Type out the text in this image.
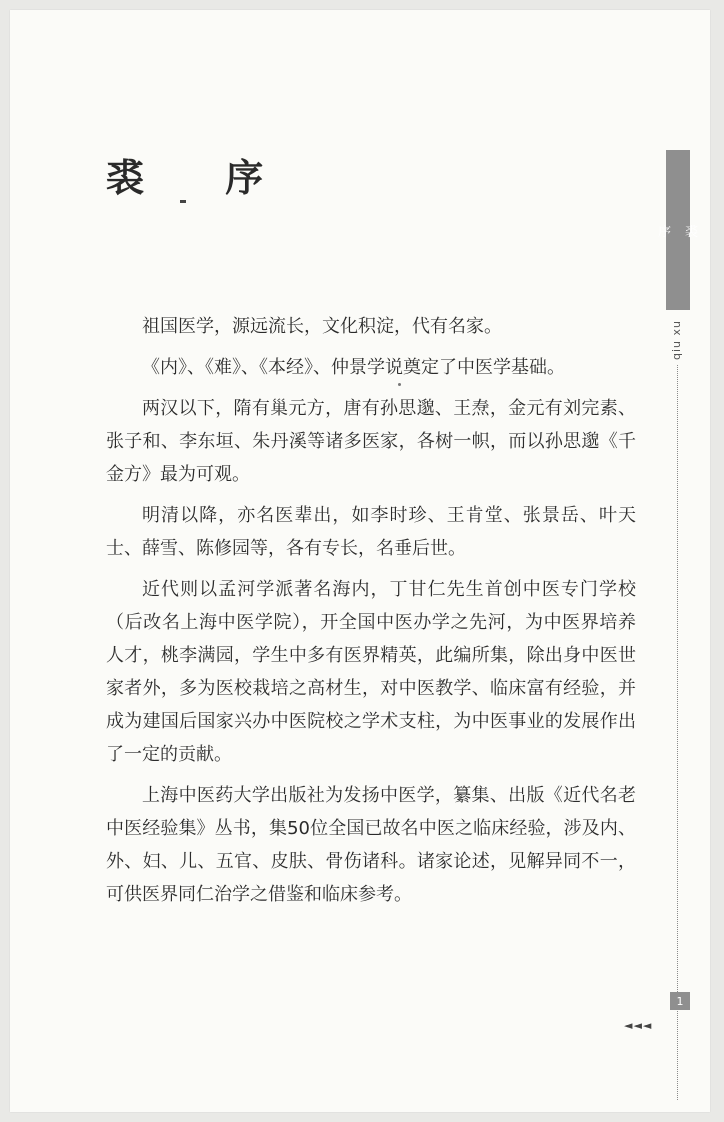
裘 序
裘
序
qiu xu

祖国医学，源远流长，文化积淀，代有名家。

《内》、《难》、《本经》、仲景学说奠定了中医学基础。

两汉以下，隋有巢元方，唐有孙思邈、王焘，金元有刘完素、张子和、李东垣、朱丹溪等诸多医家，各树一帜，而以孙思邈《千金方》最为可观。

明清以降，亦名医辈出，如李时珍、王肯堂、张景岳、叶天士、薛雪、陈修园等，各有专长，名垂后世。

近代则以孟河学派著名海内，丁甘仁先生首创中医专门学校（后改名上海中医学院），开全国中医办学之先河，为中医界培养人才，桃李满园，学生中多有医界精英，此编所集，除出身中医世家者外，多为医校栽培之高材生，对中医教学、临床富有经验，并成为建国后国家兴办中医院校之学术支柱，为中医事业的发展作出了一定的贡献。

上海中医药大学出版社为发扬中医学，纂集、出版《近代名老中医经验集》丛书，集50位全国已故名中医之临床经验，涉及内、外、妇、儿、五官、皮肤、骨伤诸科。诸家论述，见解异同不一，可供医界同仁治学之借鉴和临床参考。

1
◄◄◄
